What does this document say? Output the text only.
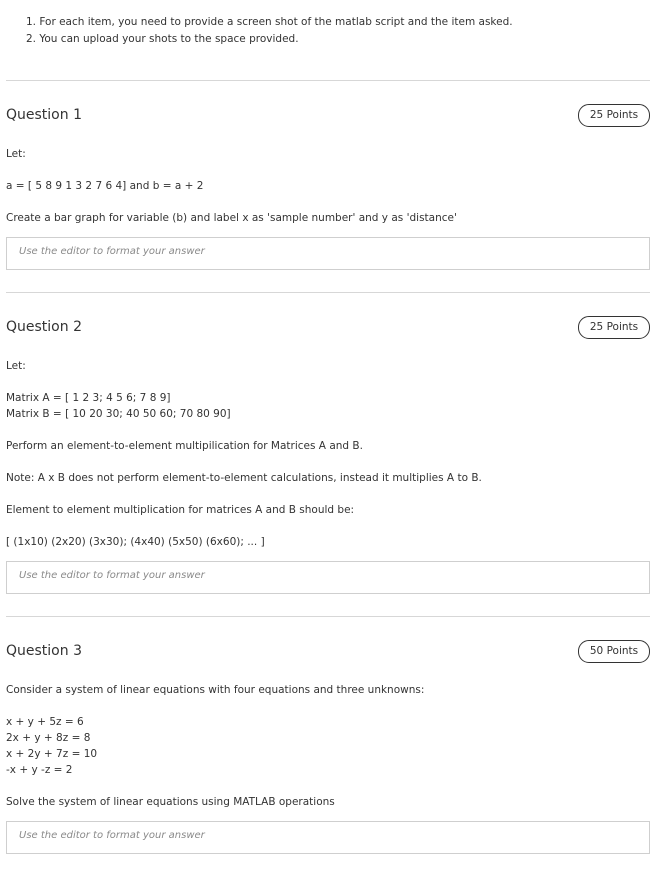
1. For each item, you need to provide a screen shot of the matlab script and the item asked.
2. You can upload your shots to the space provided.
Question 1	25 Points
Let:
a = [ 5 8 9 1 3 2 7 6 4] and b = a + 2
Create a bar graph for variable (b) and label x as 'sample number' and y as 'distance'
Use the editor to format your answer
Question 2	25 Points
Let:
Matrix A = [ 1 2 3; 4 5 6; 7 8 9]
Matrix B = [ 10 20 30; 40 50 60; 70 80 90]
Perform an element-to-element multipilication for Matrices A and B.
Note: A x B does not perform element-to-element calculations, instead it multiplies A to B.
Element to element multiplication for matrices A and B should be:
[ (1x10) (2x20) (3x30); (4x40) (5x50) (6x60); ... ]
Use the editor to format your answer
Question 3	50 Points
Consider a system of linear equations with four equations and three unknowns:
x + y + 5z = 6
2x + y + 8z = 8
x + 2y + 7z = 10
-x + y -z = 2
Solve the system of linear equations using MATLAB operations
Use the editor to format your answer
